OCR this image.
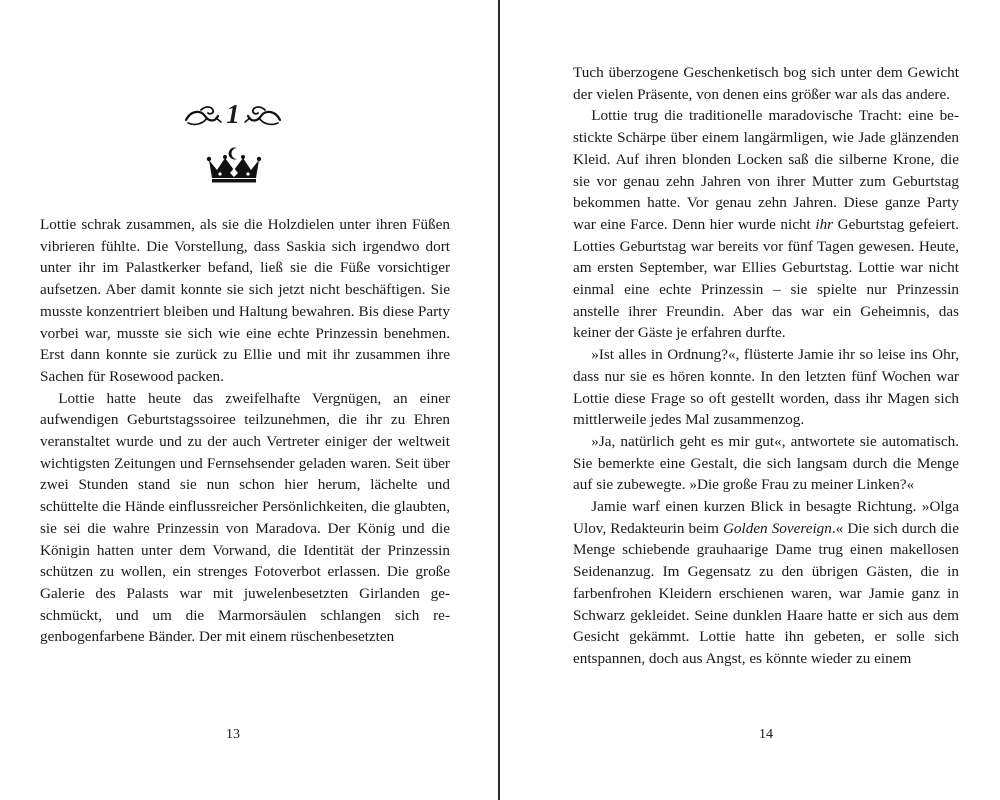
1

Lottie schrak zusammen, als sie die Holzdielen unter ihren Füßen vibrieren fühlte. Die Vorstellung, dass Saskia sich irgendwo dort unter ihr im Palastkerker befand, ließ sie die Füße vorsichtiger aufsetzen. Aber damit konnte sie sich jetzt nicht beschäftigen. Sie musste konzentriert bleiben und Haltung bewahren. Bis diese Party vorbei war, musste sie sich wie eine echte Prinzessin benehmen. Erst dann konnte sie zurück zu Ellie und mit ihr zusammen ihre Sachen für Rosewood packen.

Lottie hatte heute das zweifelhafte Vergnügen, an einer aufwendigen Geburtstagssoiree teilzunehmen, die ihr zu Ehren veranstaltet wurde und zu der auch Vertreter einiger der weltweit wichtigsten Zeitungen und Fernsehsender geladen waren. Seit über zwei Stunden stand sie nun schon hier herum, lächelte und schüttelte die Hände einflussreicher Persönlichkeiten, die glaubten, sie sei die wahre Prinzessin von Maradova. Der König und die Königin hatten unter dem Vorwand, die Identität der Prinzessin schützen zu wollen, ein strenges Fotoverbot erlassen. Die große Galerie des Palasts war mit juwelenbesetzten Girlanden geschmückt, und um die Marmorsäulen schlangen sich regenbogenfarbene Bänder. Der mit einem rüschenbesetzten

13

Tuch überzogene Geschenketisch bog sich unter dem Gewicht der vielen Präsente, von denen eins größer war als das andere.

Lottie trug die traditionelle maradovische Tracht: eine bestickte Schärpe über einem langärmligen, wie Jade glänzenden Kleid. Auf ihren blonden Locken saß die silberne Krone, die sie vor genau zehn Jahren von ihrer Mutter zum Geburtstag bekommen hatte. Vor genau zehn Jahren. Diese ganze Party war eine Farce. Denn hier wurde nicht ihr Geburtstag gefeiert. Lotties Geburtstag war bereits vor fünf Tagen gewesen. Heute, am ersten September, war Ellies Geburtstag. Lottie war nicht einmal eine echte Prinzessin – sie spielte nur Prinzessin anstelle ihrer Freundin. Aber das war ein Geheimnis, das keiner der Gäste je erfahren durfte.

»Ist alles in Ordnung?«, flüsterte Jamie ihr so leise ins Ohr, dass nur sie es hören konnte. In den letzten fünf Wochen war Lottie diese Frage so oft gestellt worden, dass ihr Magen sich mittlerweile jedes Mal zusammenzog.

»Ja, natürlich geht es mir gut«, antwortete sie automatisch. Sie bemerkte eine Gestalt, die sich langsam durch die Menge auf sie zubewegte. »Die große Frau zu meiner Linken?«

Jamie warf einen kurzen Blick in besagte Richtung. »Olga Ulov, Redakteurin beim Golden Sovereign.« Die sich durch die Menge schiebende grauhaarige Dame trug einen makellosen Seidenanzug. Im Gegensatz zu den übrigen Gästen, die in farbenfrohen Kleidern erschienen waren, war Jamie ganz in Schwarz gekleidet. Seine dunklen Haare hatte er sich aus dem Gesicht gekämmt. Lottie hatte ihn gebeten, er solle sich entspannen, doch aus Angst, es könnte wieder zu einem

14
